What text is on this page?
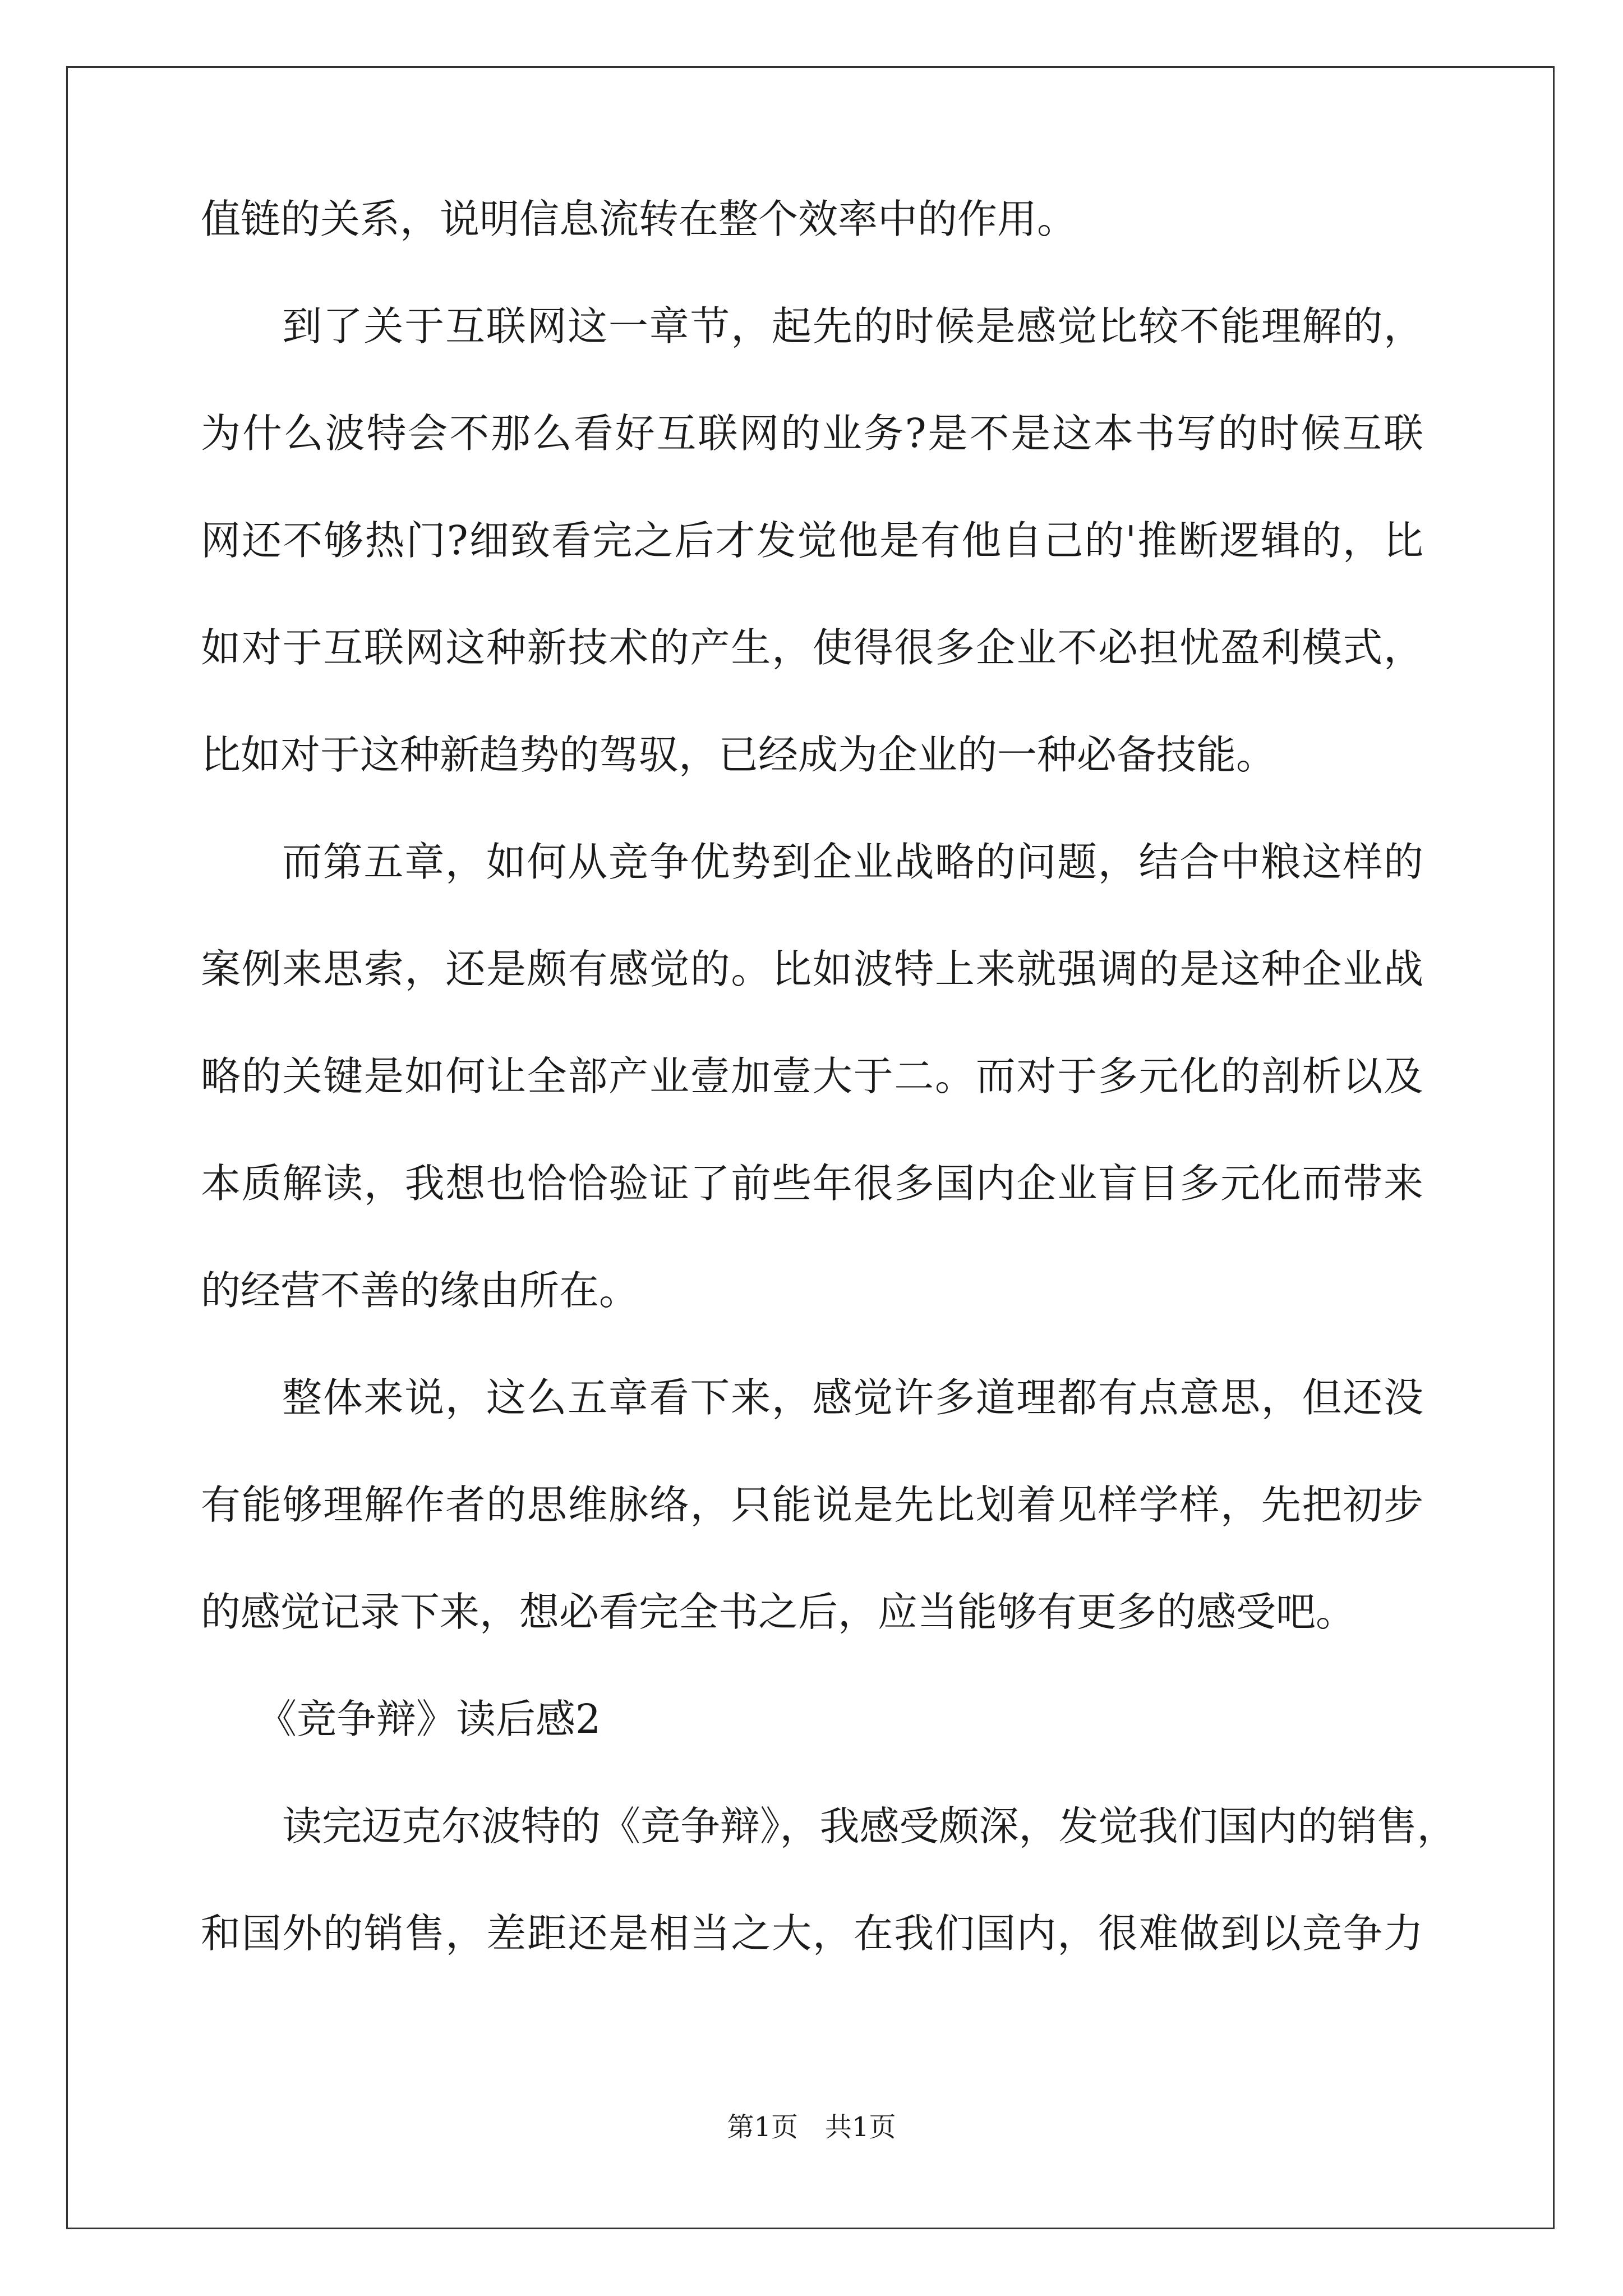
值链的关系，说明信息流转在整个效率中的作用。
到了关于互联网这一章节，起先的时候是感觉比较不能理解的，
为什么波特会不那么看好互联网的业务?是不是这本书写的时候互联
网还不够热门?细致看完之后才发觉他是有他自己的'推断逻辑的，比
如对于互联网这种新技术的产生，使得很多企业不必担忧盈利模式，
比如对于这种新趋势的驾驭，已经成为企业的一种必备技能。
而第五章，如何从竞争优势到企业战略的问题，结合中粮这样的
案例来思索，还是颇有感觉的。比如波特上来就强调的是这种企业战
略的关键是如何让全部产业壹加壹大于二。而对于多元化的剖析以及
本质解读，我想也恰恰验证了前些年很多国内企业盲目多元化而带来
的经营不善的缘由所在。
整体来说，这么五章看下来，感觉许多道理都有点意思，但还没
有能够理解作者的思维脉络，只能说是先比划着见样学样，先把初步
的感觉记录下来，想必看完全书之后，应当能够有更多的感受吧。
《竞争辩》读后感2
读完迈克尔波特的《竞争辩》，我感受颇深，发觉我们国内的销售，
和国外的销售，差距还是相当之大，在我们国内，很难做到以竞争力
第1页　共1页
